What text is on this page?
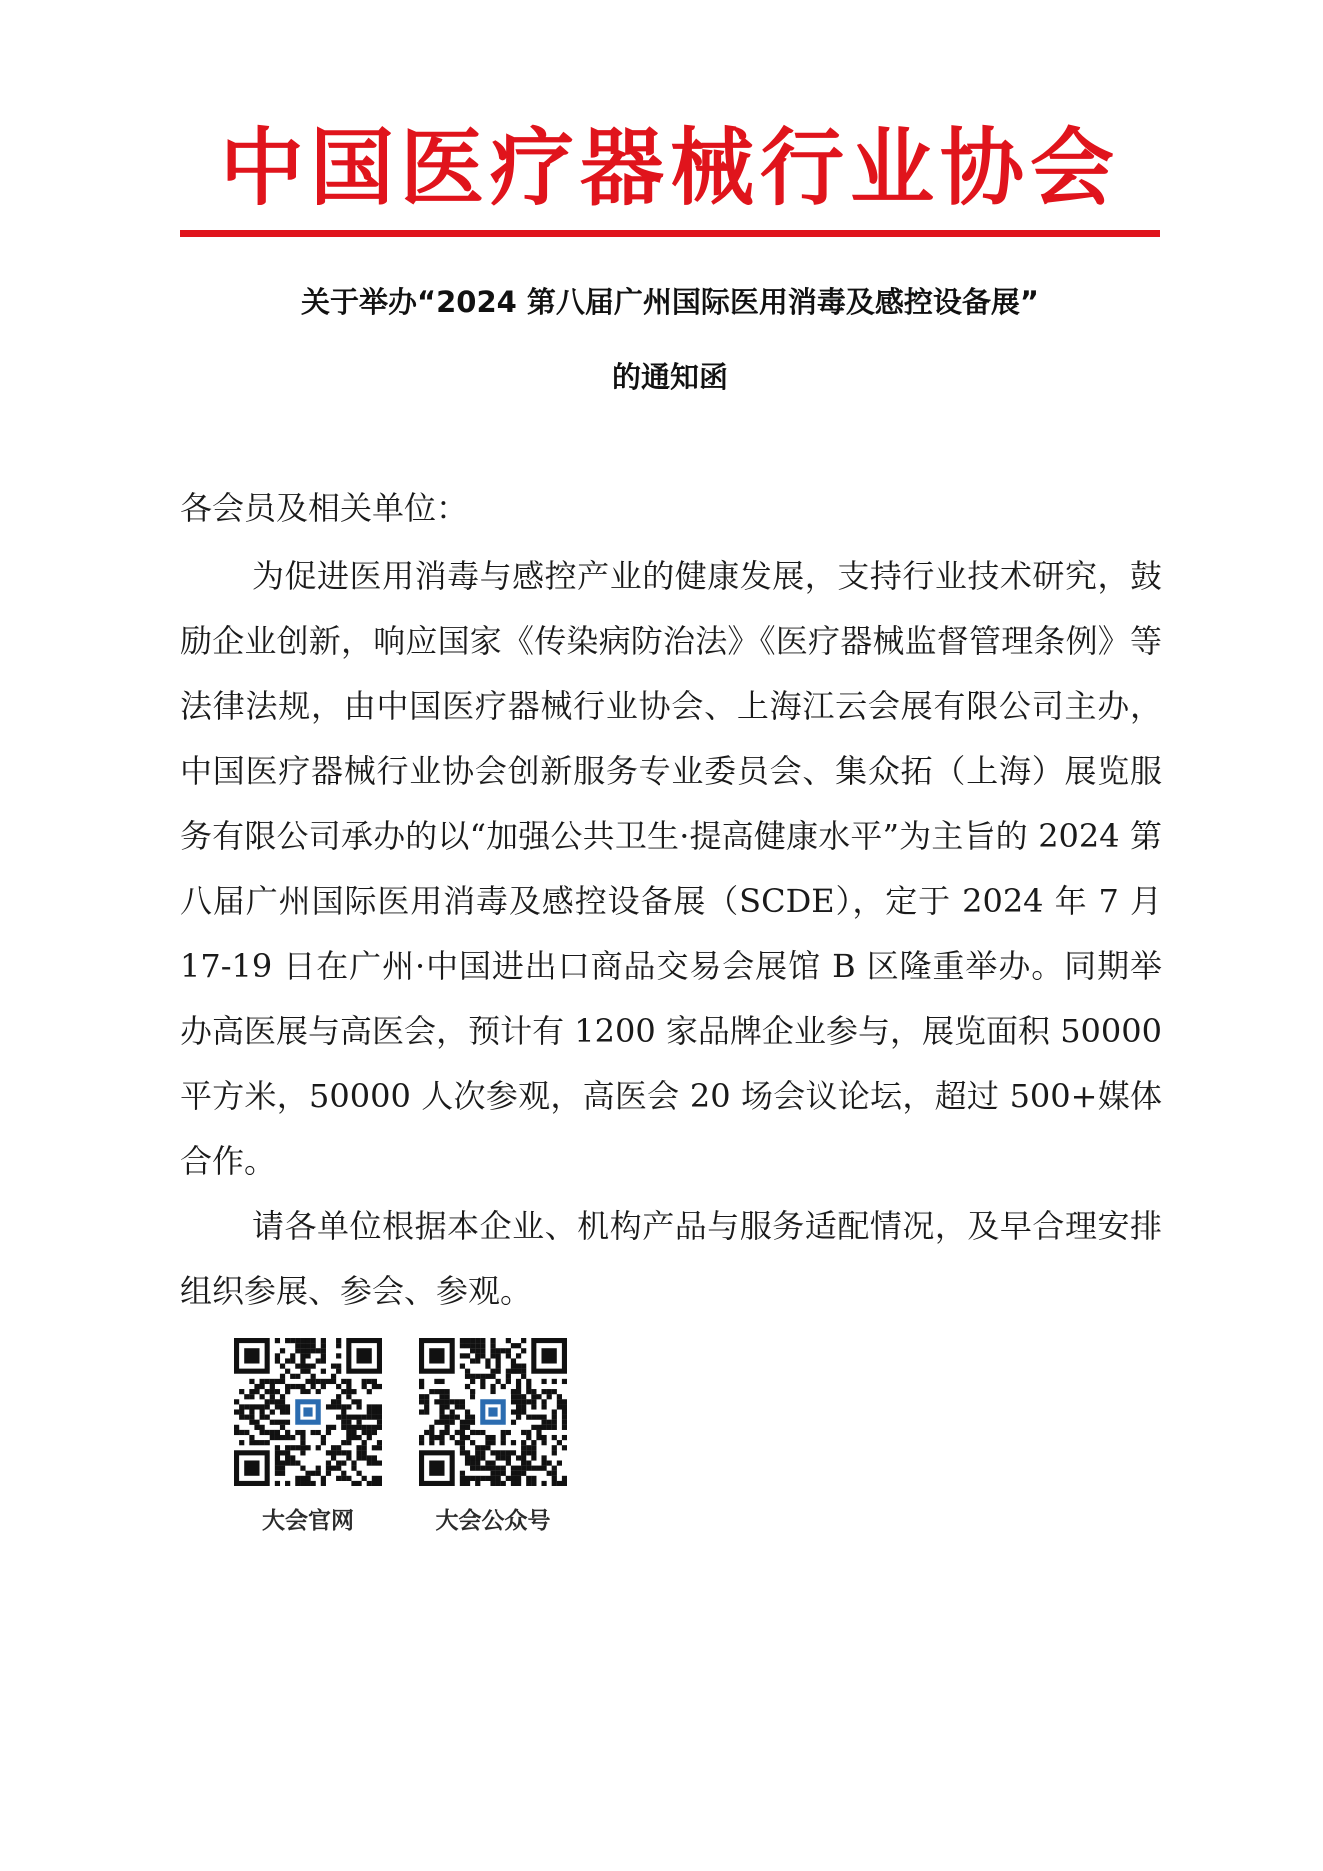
中国医疗器械行业协会
关于举办“2024 第八届广州国际医用消毒及感控设备展”
的通知函
各会员及相关单位：
为促进医用消毒与感控产业的健康发展，支持行业技术研究，鼓励企业创新，响应国家《传染病防治法》《医疗器械监督管理条例》等法律法规，由中国医疗器械行业协会、上海江云会展有限公司主办，中国医疗器械行业协会创新服务专业委员会、集众拓（上海）展览服务有限公司承办的以“加强公共卫生·提高健康水平”为主旨的 2024 第八届广州国际医用消毒及感控设备展（SCDE），定于 2024 年 7 月 17-19 日在广州·中国进出口商品交易会展馆 B 区隆重举办。同期举办高医展与高医会，预计有 1200 家品牌企业参与，展览面积 50000 平方米，50000 人次参观，高医会 20 场会议论坛，超过 500+媒体合作。
请各单位根据本企业、机构产品与服务适配情况，及早合理安排组织参展、参会、参观。
大会官网	大会公众号
